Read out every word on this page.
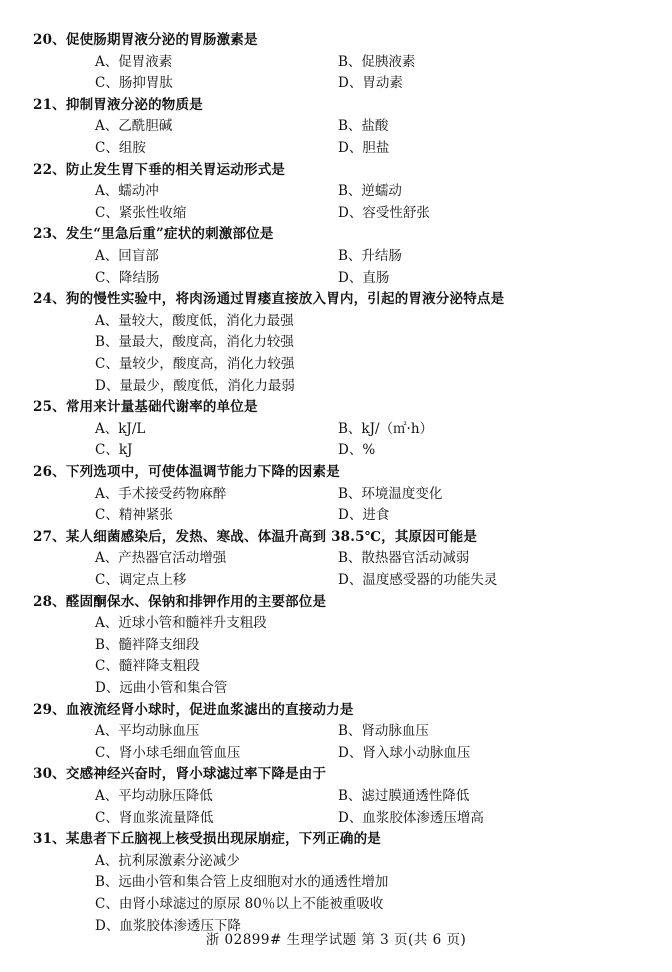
20、促使肠期胃液分泌的胃肠激素是
A、促胃液素	B、促胰液素
C、肠抑胃肽	D、胃动素
21、抑制胃液分泌的物质是
A、乙酰胆碱	B、盐酸
C、组胺	D、胆盐
22、防止发生胃下垂的相关胃运动形式是
A、蠕动冲	B、逆蠕动
C、紧张性收缩	D、容受性舒张
23、发生“里急后重”症状的刺激部位是
A、回盲部	B、升结肠
C、降结肠	D、直肠
24、狗的慢性实验中，将肉汤通过胃瘘直接放入胃内，引起的胃液分泌特点是
A、量较大，酸度低，消化力最强
B、量最大，酸度高，消化力较强
C、量较少，酸度高，消化力较强
D、量最少，酸度低，消化力最弱
25、常用来计量基础代谢率的单位是
A、kJ/L	B、kJ/（㎡·h）
C、kJ	D、%
26、下列选项中，可使体温调节能力下降的因素是
A、手术接受药物麻醉	B、环境温度变化
C、精神紧张	D、进食
27、某人细菌感染后，发热、寒战、体温升高到 38.5℃，其原因可能是
A、产热器官活动增强	B、散热器官活动减弱
C、调定点上移	D、温度感受器的功能失灵
28、醛固酮保水、保钠和排钾作用的主要部位是
A、近球小管和髓袢升支粗段
B、髓袢降支细段
C、髓袢降支粗段
D、远曲小管和集合管
29、血液流经肾小球时，促进血浆滤出的直接动力是
A、平均动脉血压	B、肾动脉血压
C、肾小球毛细血管血压	D、肾入球小动脉血压
30、交感神经兴奋时，肾小球滤过率下降是由于
A、平均动脉压降低	B、滤过膜通透性降低
C、肾血浆流量降低	D、血浆胶体渗透压增高
31、某患者下丘脑视上核受损出现尿崩症，下列正确的是
A、抗利尿激素分泌减少
B、远曲小管和集合管上皮细胞对水的通透性增加
C、由肾小球滤过的原尿 80％以上不能被重吸收
D、血浆胶体渗透压下降
浙 02899# 生理学试题 第 3 页(共 6 页)
